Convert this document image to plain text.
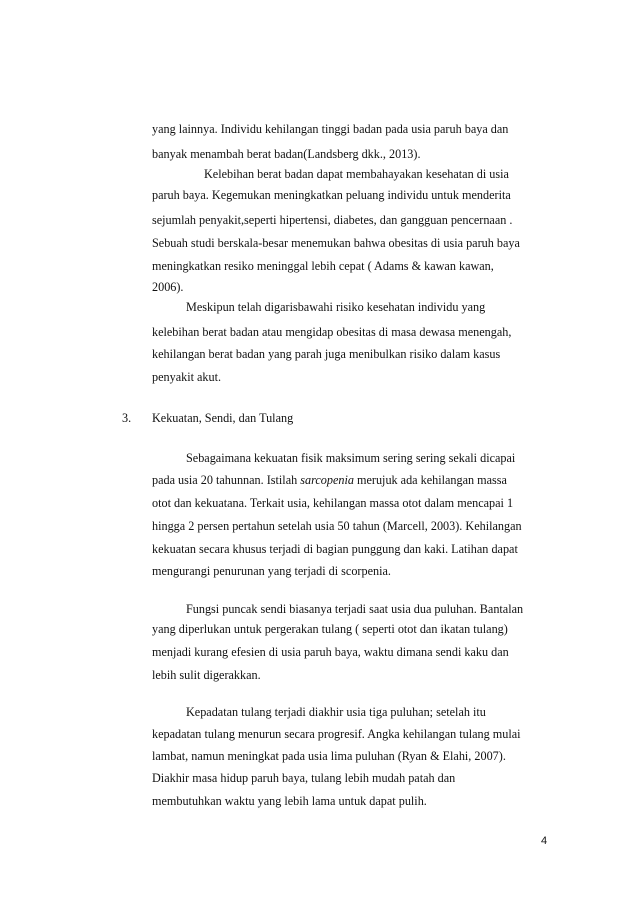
yang lainnya. Individu kehilangan tinggi badan pada usia paruh baya dan
banyak menambah berat badan(Landsberg dkk., 2013).
Kelebihan berat badan dapat membahayakan kesehatan di usia
paruh baya. Kegemukan meningkatkan peluang individu untuk menderita
sejumlah penyakit,seperti hipertensi, diabetes, dan gangguan pencernaan .
Sebuah studi berskala-besar menemukan bahwa obesitas di usia paruh baya
meningkatkan resiko meninggal lebih cepat ( Adams & kawan kawan,
2006).
Meskipun telah digarisbawahi risiko kesehatan individu yang
kelebihan berat badan atau mengidap obesitas di masa dewasa menengah,
kehilangan berat badan yang parah juga menibulkan risiko dalam kasus
penyakit akut.
3. Kekuatan, Sendi, dan Tulang
Sebagaimana kekuatan fisik maksimum sering sering sekali dicapai
pada usia 20 tahunnan. Istilah sarcopenia merujuk ada kehilangan massa
otot dan kekuatana. Terkait usia, kehilangan massa otot dalam mencapai 1
hingga 2 persen pertahun setelah usia 50 tahun (Marcell, 2003). Kehilangan
kekuatan secara khusus terjadi di bagian punggung dan kaki. Latihan dapat
mengurangi penurunan yang terjadi di scorpenia.
Fungsi puncak sendi biasanya terjadi saat usia dua puluhan. Bantalan
yang diperlukan untuk pergerakan tulang ( seperti otot dan ikatan tulang)
menjadi kurang efesien di usia paruh baya, waktu dimana sendi kaku dan
lebih sulit digerakkan.
Kepadatan tulang terjadi diakhir usia tiga puluhan; setelah itu
kepadatan tulang menurun secara progresif. Angka kehilangan tulang mulai
lambat, namun meningkat pada usia lima puluhan (Ryan & Elahi, 2007).
Diakhir masa hidup paruh baya, tulang lebih mudah patah dan
membutuhkan waktu yang lebih lama untuk dapat pulih.
4
